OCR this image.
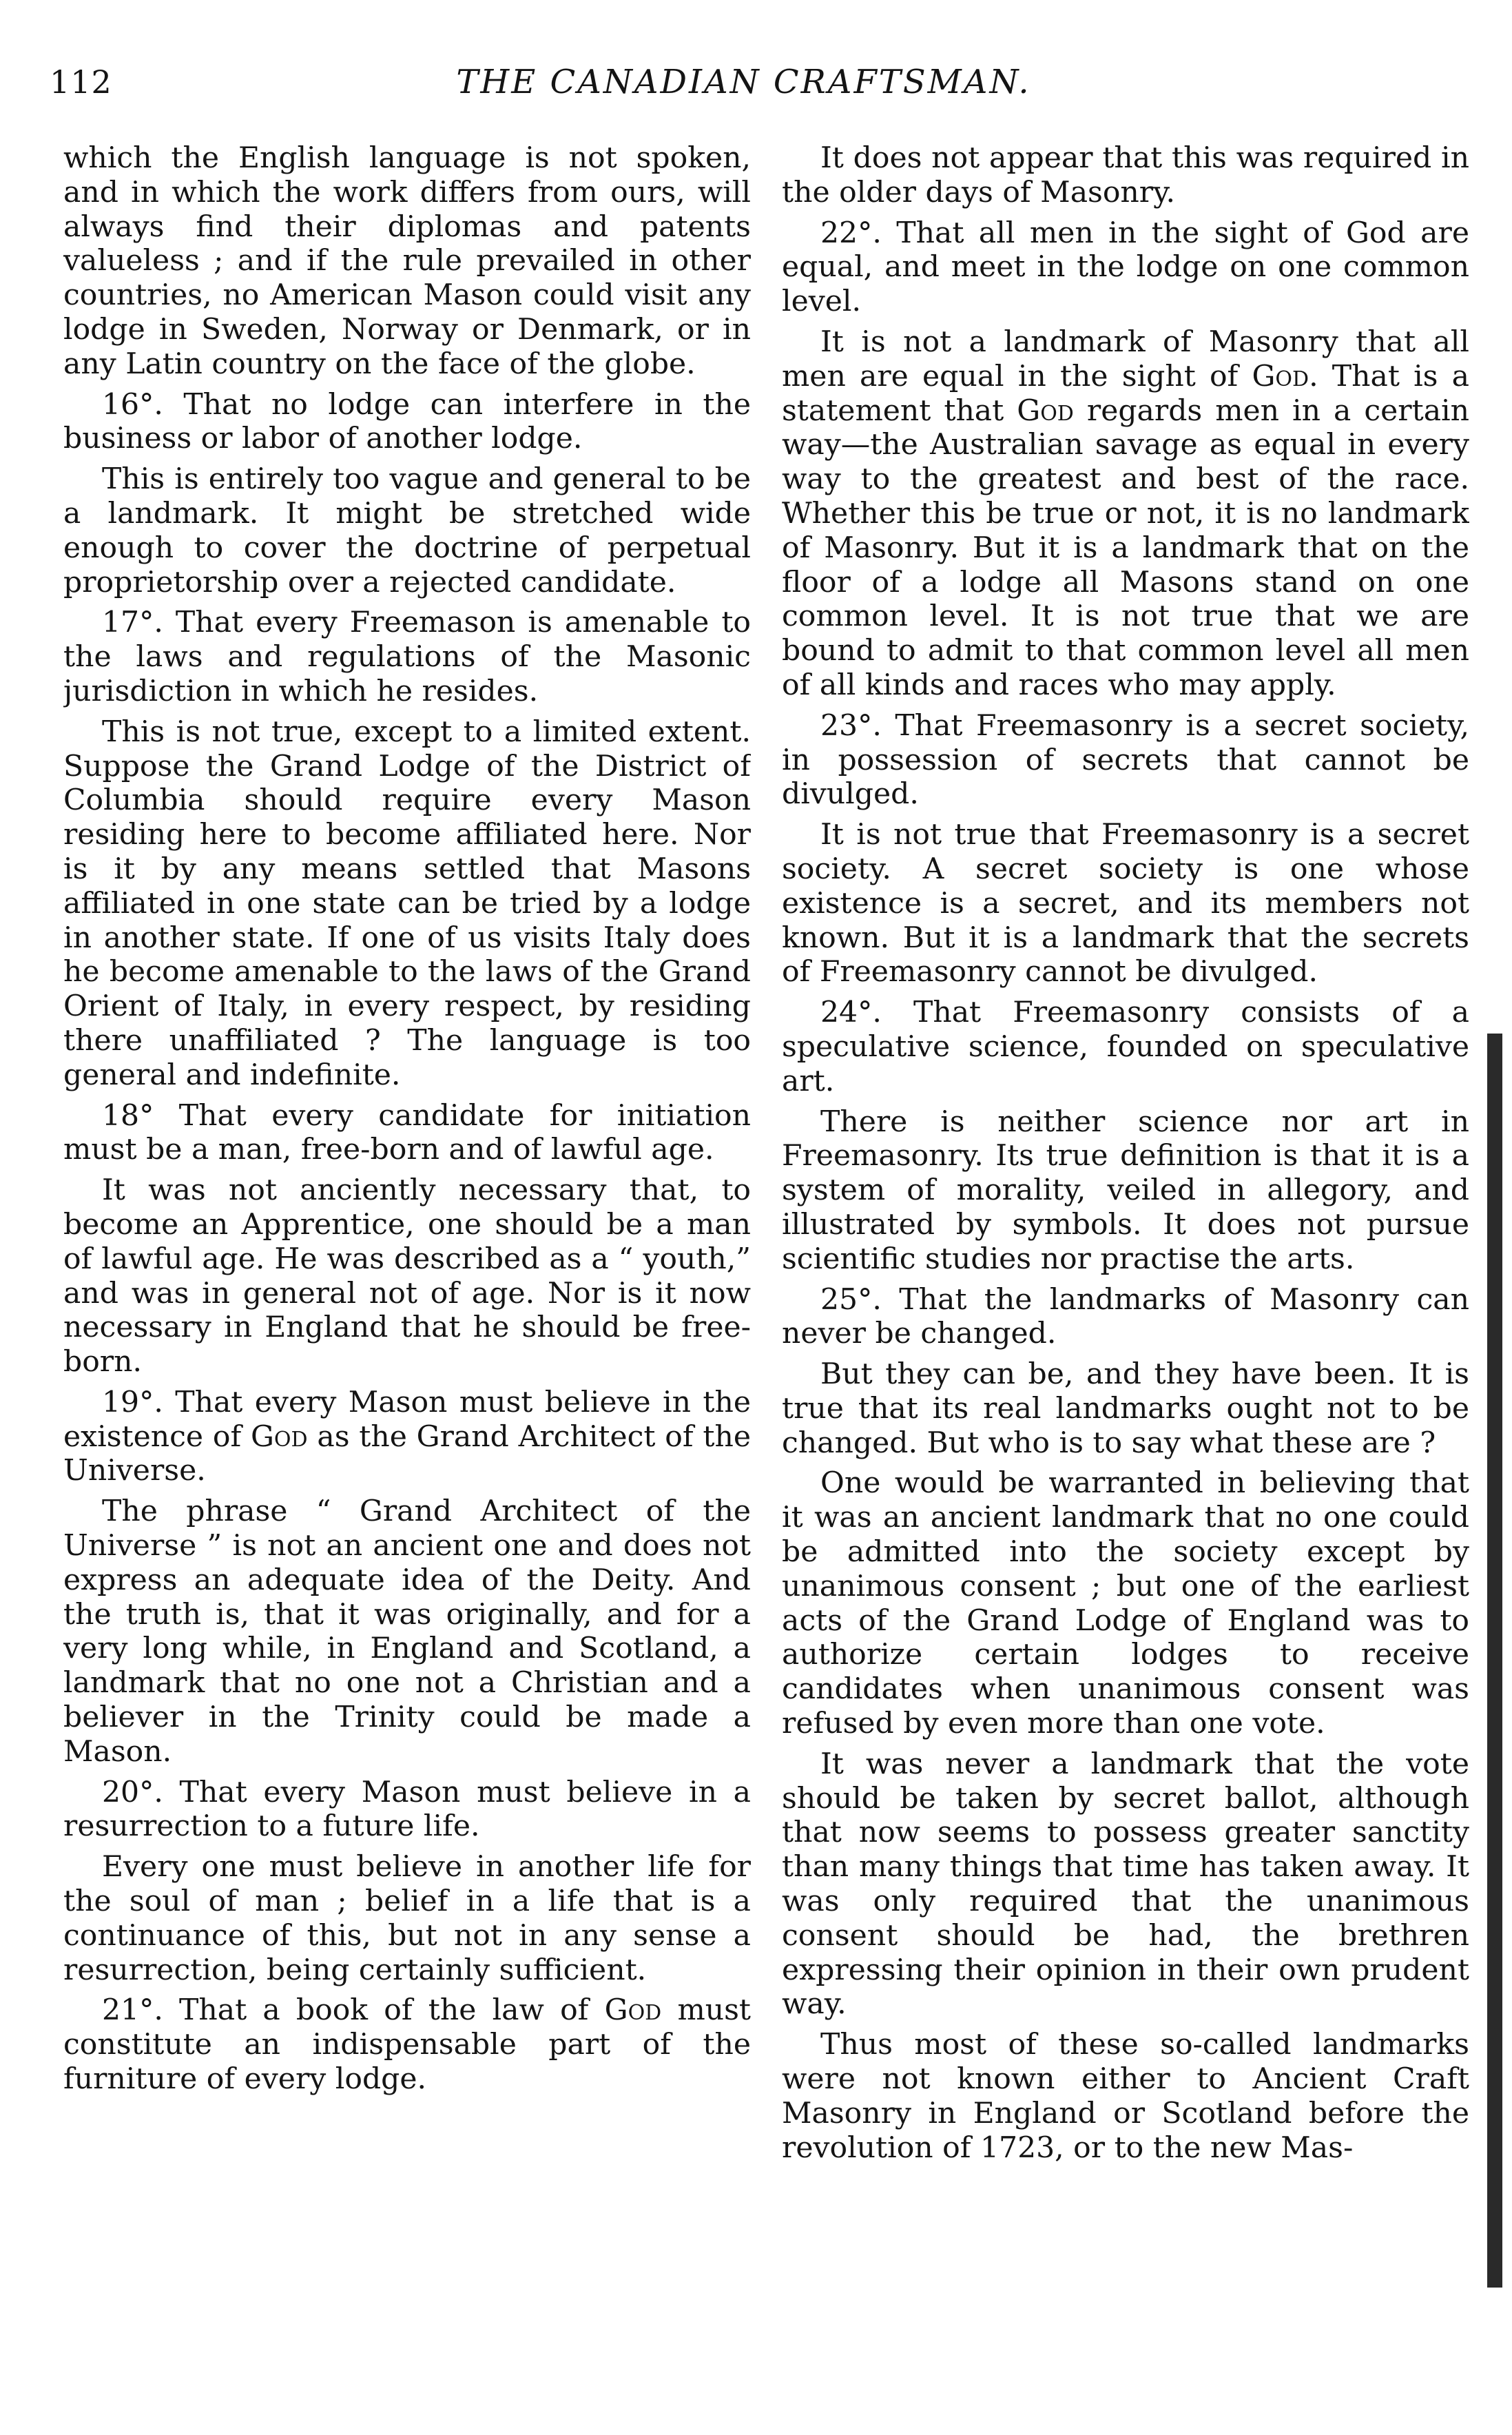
112	THE CANADIAN CRAFTSMAN.

which the English language is not spoken, and in which the work differs from ours, will always find their diplomas and patents valueless ; and if the rule prevailed in other countries, no American Mason could visit any lodge in Sweden, Norway or Denmark, or in any Latin country on the face of the globe.

16°. That no lodge can interfere in the business or labor of another lodge.

This is entirely too vague and general to be a landmark. It might be stretched wide enough to cover the doctrine of perpetual proprietorship over a rejected candidate.

17°. That every Freemason is amenable to the laws and regulations of the Masonic jurisdiction in which he resides.

This is not true, except to a limited extent. Suppose the Grand Lodge of the District of Columbia should require every Mason residing here to become affiliated here. Nor is it by any means settled that Masons affiliated in one state can be tried by a lodge in another state. If one of us visits Italy does he become amenable to the laws of the Grand Orient of Italy, in every respect, by residing there unaffiliated ? The language is too general and indefinite.

18° That every candidate for initiation must be a man, free-born and of lawful age.

It was not anciently necessary that, to become an Apprentice, one should be a man of lawful age. He was described as a “ youth,” and was in general not of age. Nor is it now necessary in England that he should be free-born.

19°. That every Mason must believe in the existence of God as the Grand Architect of the Universe.

The phrase “ Grand Architect of the Universe ” is not an ancient one and does not express an adequate idea of the Deity. And the truth is, that it was originally, and for a very long while, in England and Scotland, a landmark that no one not a Christian and a believer in the Trinity could be made a Mason.

20°. That every Mason must believe in a resurrection to a future life.

Every one must believe in another life for the soul of man ; belief in a life that is a continuance of this, but not in any sense a resurrection, being certainly sufficient.

21°. That a book of the law of God must constitute an indispensable part of the furniture of every lodge.

It does not appear that this was required in the older days of Masonry.

22°. That all men in the sight of God are equal, and meet in the lodge on one common level.

It is not a landmark of Masonry that all men are equal in the sight of God. That is a statement that God regards men in a certain way—the Australian savage as equal in every way to the greatest and best of the race. Whether this be true or not, it is no landmark of Masonry. But it is a landmark that on the floor of a lodge all Masons stand on one common level. It is not true that we are bound to admit to that common level all men of all kinds and races who may apply.

23°. That Freemasonry is a secret society, in possession of secrets that cannot be divulged.

It is not true that Freemasonry is a secret society. A secret society is one whose existence is a secret, and its members not known. But it is a landmark that the secrets of Freemasonry cannot be divulged.

24°. That Freemasonry consists of a speculative science, founded on speculative art.

There is neither science nor art in Freemasonry. Its true definition is that it is a system of morality, veiled in allegory, and illustrated by symbols. It does not pursue scientific studies nor practise the arts.

25°. That the landmarks of Masonry can never be changed.

But they can be, and they have been. It is true that its real landmarks ought not to be changed. But who is to say what these are ?

One would be warranted in believing that it was an ancient landmark that no one could be admitted into the society except by unanimous consent ; but one of the earliest acts of the Grand Lodge of England was to authorize certain lodges to receive candidates when unanimous consent was refused by even more than one vote.

It was never a landmark that the vote should be taken by secret ballot, although that now seems to possess greater sanctity than many things that time has taken away. It was only required that the unanimous consent should be had, the brethren expressing their opinion in their own prudent way.

Thus most of these so-called landmarks were not known either to Ancient Craft Masonry in England or Scotland before the revolution of 1723, or to the new Mas-
